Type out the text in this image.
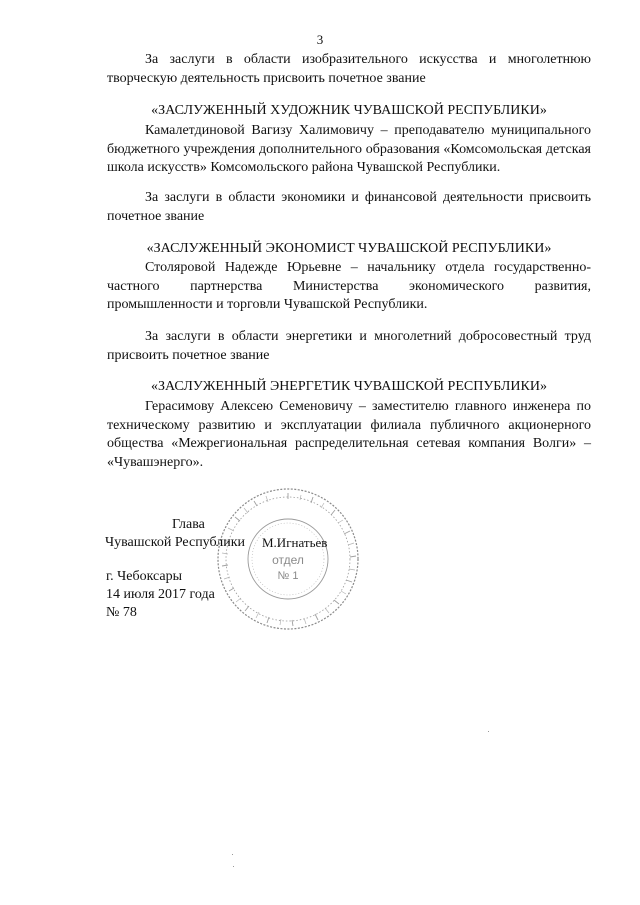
3

За заслуги в области изобразительного искусства и многолетнюю творческую деятельность присвоить почетное звание

«ЗАСЛУЖЕННЫЙ ХУДОЖНИК ЧУВАШСКОЙ РЕСПУБЛИКИ»

Камалетдиновой Вагизу Халимовичу – преподавателю муниципального бюджетного учреждения дополнительного образования «Комсомольская детская школа искусств» Комсомольского района Чувашской Республики.

За заслуги в области экономики и финансовой деятельности присвоить почетное звание

«ЗАСЛУЖЕННЫЙ ЭКОНОМИСТ ЧУВАШСКОЙ РЕСПУБЛИКИ»

Столяровой Надежде Юрьевне – начальнику отдела государственно-частного партнерства Министерства экономического развития, промышленности и торговли Чувашской Республики.

За заслуги в области энергетики и многолетний добросовестный труд присвоить почетное звание

«ЗАСЛУЖЕННЫЙ ЭНЕРГЕТИК ЧУВАШСКОЙ РЕСПУБЛИКИ»

Герасимову Алексею Семеновичу – заместителю главного инженера по техническому развитию и эксплуатации филиала публичного акционерного общества «Межрегиональная распределительная сетевая компания Волги» – «Чувашэнерго».

отдел
№ 1
Глава
Чувашской Республики М.Игнатьев
г. Чебоксары
14 июля 2017 года
№ 78
